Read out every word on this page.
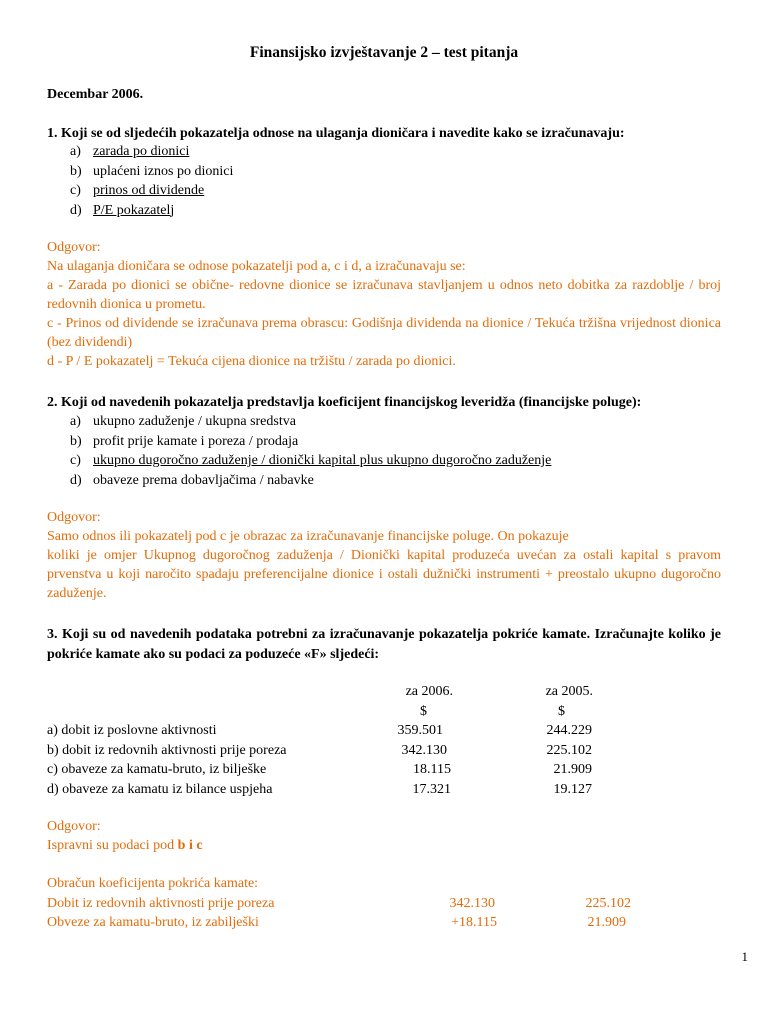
Finansijsko izvještavanje 2 – test pitanja
Decembar 2006.
1. Koji se od sljedećih pokazatelja odnose na ulaganja dioničara i navedite kako se izračunavaju:
a) zarada po dionici
b) uplaćeni iznos po dionici
c) prinos od dividende
d) P/E pokazatelj

Odgovor:

Na ulaganja dioničara se odnose pokazatelji pod a, c i d, a izračunavaju se:

a - Zarada po dionici se obične- redovne dionice se izračunava stavljanjem u odnos neto dobitka za razdoblje / broj redovnih dionica u prometu.

c - Prinos od dividende se izračunava prema obrascu: Godišnja dividenda na dionice / Tekuća tržišna vrijednost dionica (bez dividendi)

d - P / E pokazatelj = Tekuća cijena dionice na tržištu / zarada po dionici.

2. Koji od navedenih pokazatelja predstavlja koeficijent financijskog leveridža (financijske poluge):
a) ukupno zaduženje / ukupna sredstva
b) profit prije kamate i poreza / prodaja
c) ukupno dugoročno zaduženje / dionički kapital plus ukupno dugoročno zaduženje
d) obaveze prema dobavljačima / nabavke

Odgovor:

Samo odnos ili pokazatelj pod c je obrazac za izračunavanje financijske poluge. On pokazuje

koliki je omjer Ukupnog dugoročnog zaduženja / Dionički kapital produzeća uvećan za ostali kapital s pravom prvenstva u koji naročito spadaju preferencijalne dionice i ostali dužnički instrumenti + preostalo ukupno dugoročno zaduženje.

3. Koji su od navedenih podataka potrebni za izračunavanje pokazatelja pokriće kamate. Izračunajte koliko je pokriće kamate ako su podaci za poduzeće «F» sljedeći:
za 2006.	za 2005.
$	$
a) dobit iz poslovne aktivnosti	359.501	244.229
b) dobit iz redovnih aktivnosti prije poreza	342.130	225.102
c) obaveze za kamatu-bruto, iz bilješke	18.115	21.909
d) obaveze za kamatu iz bilance uspjeha	17.321	19.127

Odgovor:

Ispravni su podaci pod b i c

Obračun koeficijenta pokrića kamate:
Dobit iz redovnih aktivnosti prije poreza	342.130	225.102
Obveze za kamatu-bruto, iz zabilješki	+18.115	21.909
1
